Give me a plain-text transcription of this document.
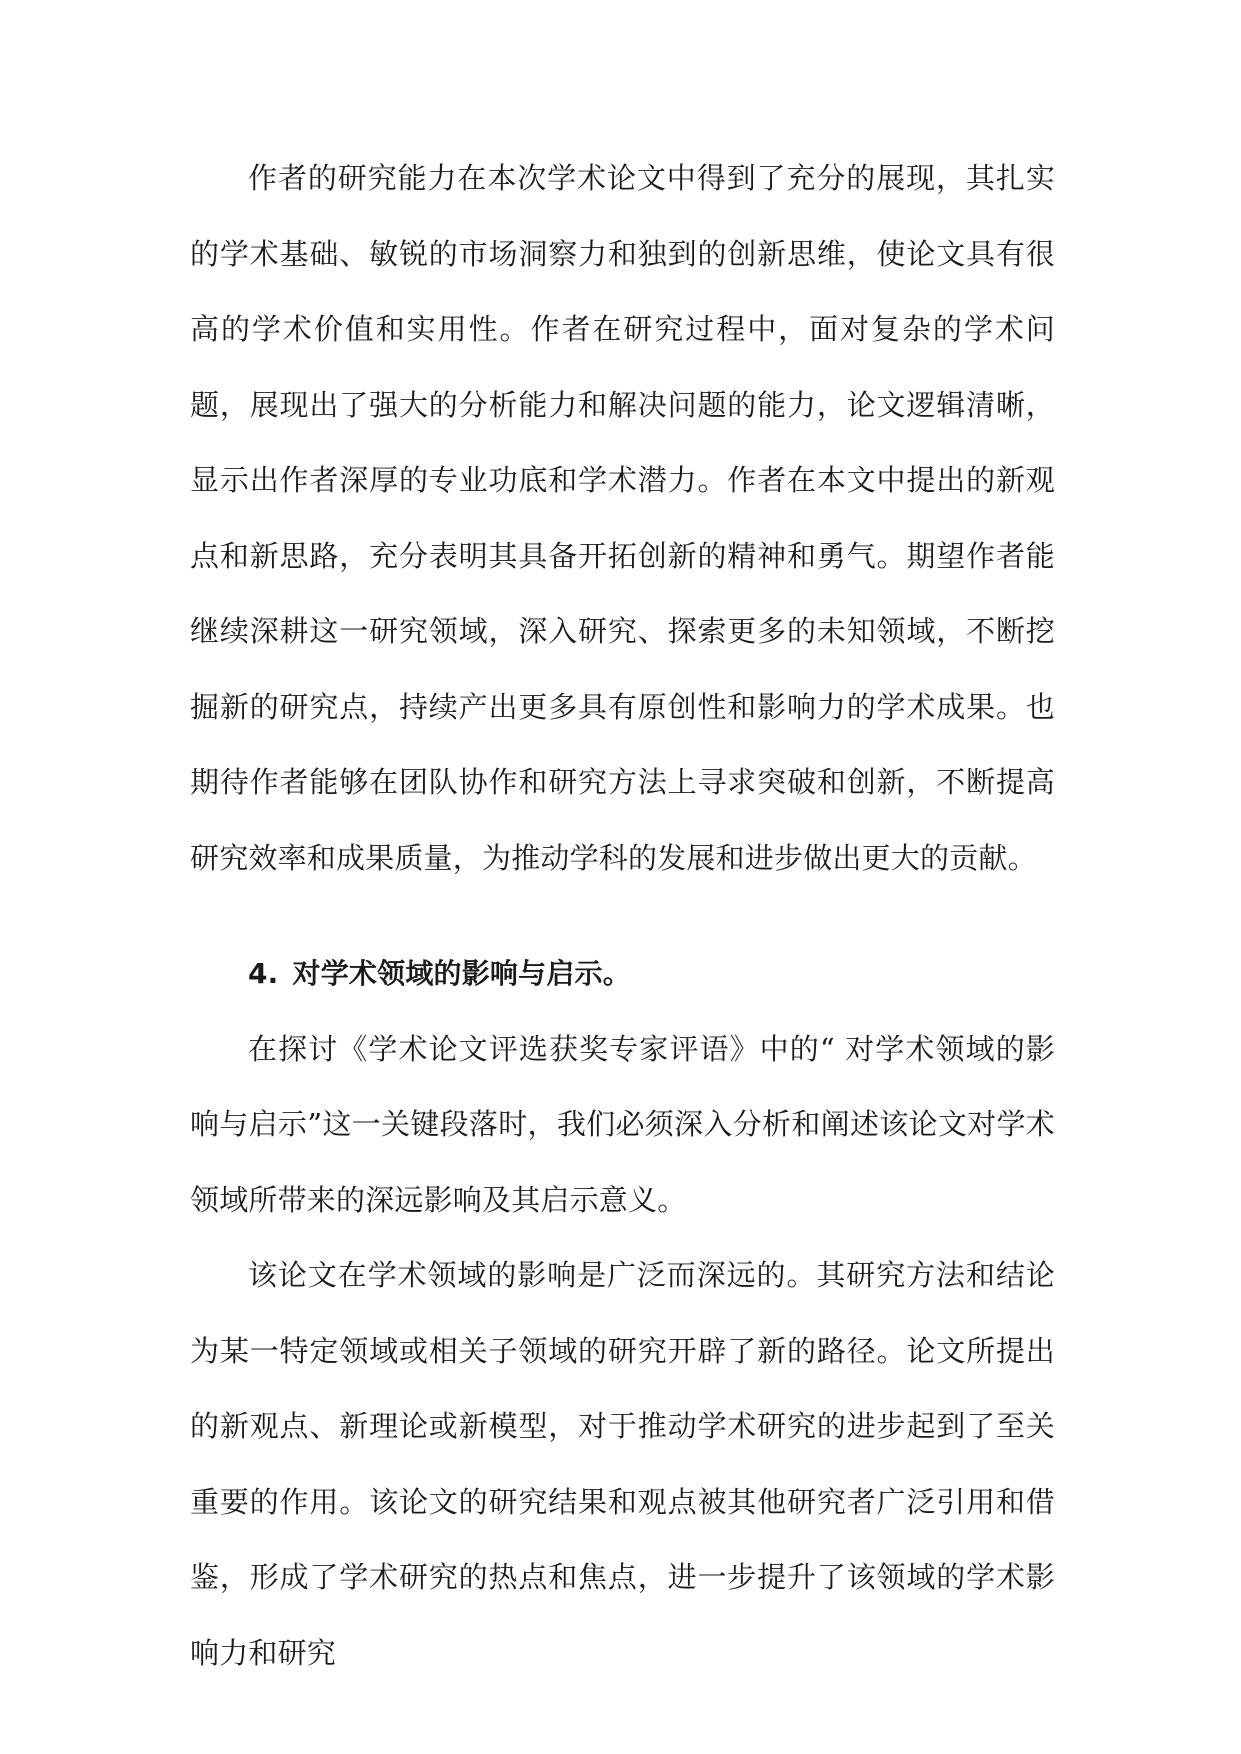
作者的研究能力在本次学术论文中得到了充分的展现，其扎实的学术基础、敏锐的市场洞察力和独到的创新思维，使论文具有很高的学术价值和实用性。作者在研究过程中，面对复杂的学术问题，展现出了强大的分析能力和解决问题的能力，论文逻辑清晰，显示出作者深厚的专业功底和学术潜力。作者在本文中提出的新观点和新思路，充分表明其具备开拓创新的精神和勇气。期望作者能继续深耕这一研究领域，深入研究、探索更多的未知领域，不断挖掘新的研究点，持续产出更多具有原创性和影响力的学术成果。也期待作者能够在团队协作和研究方法上寻求突破和创新，不断提高研究效率和成果质量，为推动学科的发展和进步做出更大的贡献。

4. 对学术领域的影响与启示。

在探讨《学术论文评选获奖专家评语》中的“ 对学术领域的影响与启示”这一关键段落时，我们必须深入分析和阐述该论文对学术领域所带来的深远影响及其启示意义。

该论文在学术领域的影响是广泛而深远的。其研究方法和结论为某一特定领域或相关子领域的研究开辟了新的路径。论文所提出的新观点、新理论或新模型，对于推动学术研究的进步起到了至关重要的作用。该论文的研究结果和观点被其他研究者广泛引用和借鉴，形成了学术研究的热点和焦点，进一步提升了该领域的学术影响力和研究
